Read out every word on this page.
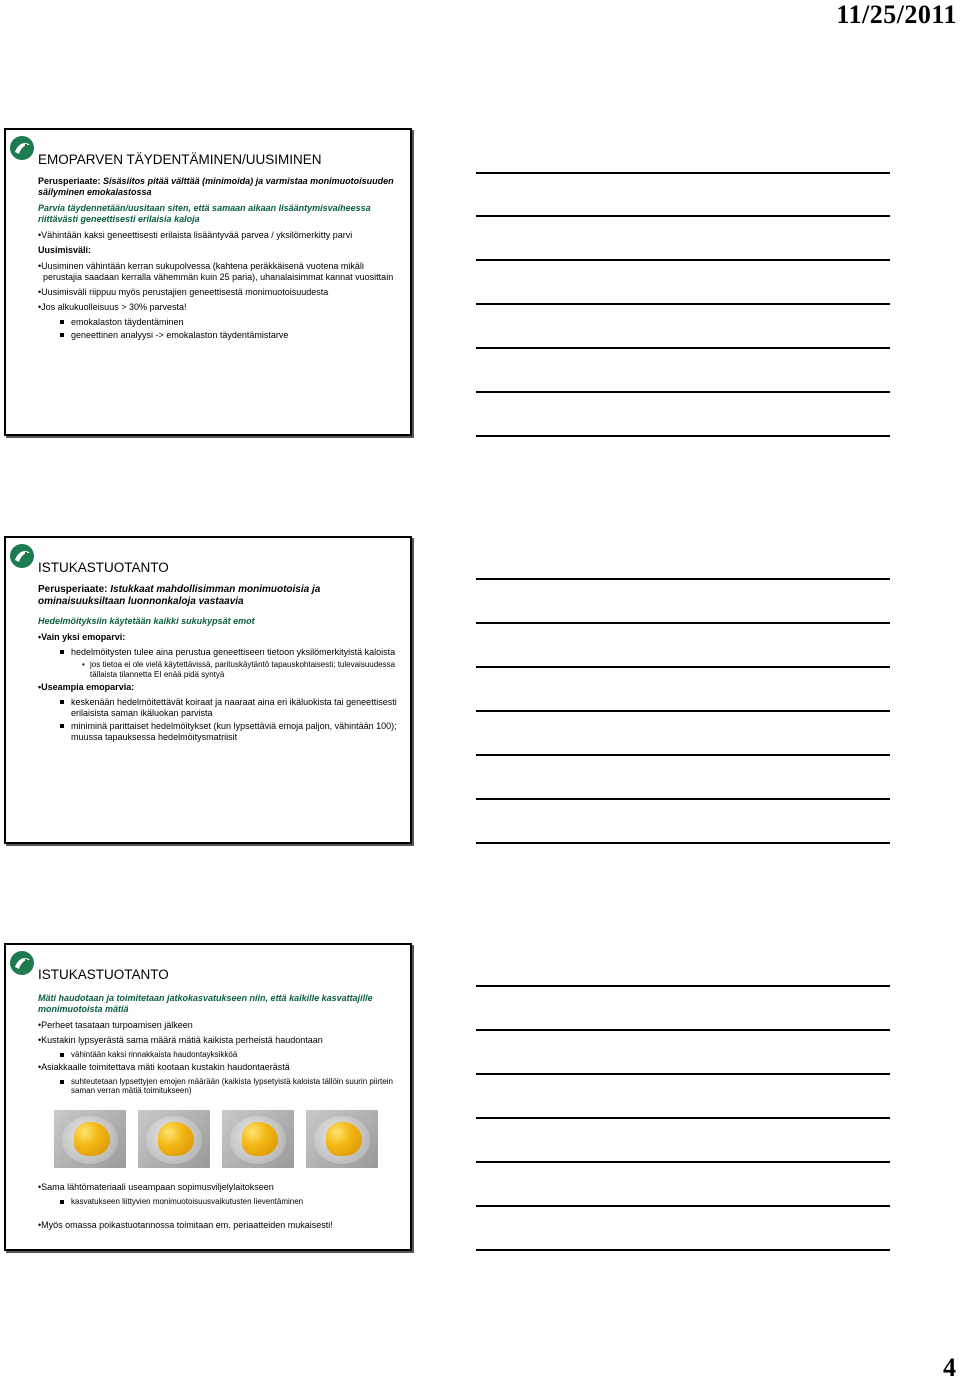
11/25/2011
EMOPARVEN TÄYDENTÄMINEN/UUSIMINEN
Perusperiaate: Sisäsiitos pitää välttää (minimoida) ja varmistaa monimuotoisuuden säilyminen emokalastossa
Parvia täydennetään/uusitaan siten, että samaan aikaan lisääntymisvaiheessa riittävästi geneettisesti erilaisia kaloja
• Vähintään kaksi geneettisesti erilaista lisääntyvää parvea / yksilömerkitty parvi
Uusimisväli:
• Uusiminen vähintään kerran sukupolvessa (kahtena peräkkäisenä vuotena mikäli perustajia saadaan kerralla vähemmän kuin 25 paria), uhanalaisimmat kannat vuosittain
• Uusimisväli riippuu myös perustajien geneettisestä monimuotoisuudesta
• Jos alkukuolleisuus > 30% parvesta!
emokalaston täydentäminen
geneettinen analyysi -> emokalaston täydentämistarve
ISTUKASTUOTANTO
Perusperiaate: Istukkaat mahdollisimman monimuotoisia ja ominaisuuksiltaan luonnonkaloja vastaavia
Hedelmöityksiin käytetään kaikki sukukypsät emot
• Vain yksi emoparvi:
hedelmöitysten tulee aina perustua geneettiseen tietoon yksilömerkityistä kaloista
• jos tietoa ei ole vielä käytettävissä, parituskäytäntö tapauskohtaisesti; tulevaisuudessa tällaista tilannetta EI enää pidä syntyä
• Useampia emoparvia:
keskenään hedelmöitettävät koiraat ja naaraat aina eri ikäluokista tai geneettisesti erilaisista saman ikäluokan parvista
miniminä parittaiset hedelmöitykset (kun lypsettäviä emoja paljon, vähintään 100); muussa tapauksessa hedelmöitysmatriisit
ISTUKASTUOTANTO
Mäti haudotaan ja toimitetaan jatkokasvatukseen niin, että kaikille kasvattajille monimuotoista mätiä
• Perheet tasataan turpoamisen jälkeen
• Kustakin lypsyerästä sama määrä mätiä kaikista perheistä haudontaan
vähintään kaksi rinnakkaista haudontayksikköä
• Asiakkaalle toimitettava mäti kootaan kustakin haudontaerästä
suhteutetaan lypsettyjen emojen määrään (kaikista lypsetyistä kaloista tällöin suurin piirtein saman verran mätiä toimitukseen)
• Sama lähtömateriaali useampaan sopimusviljelylaitokseen
kasvatukseen liittyvien monimuotoisuusvaikutusten lieventäminen
• Myös omassa poikastuotannossa toimitaan em. periaatteiden mukaisesti!
4
